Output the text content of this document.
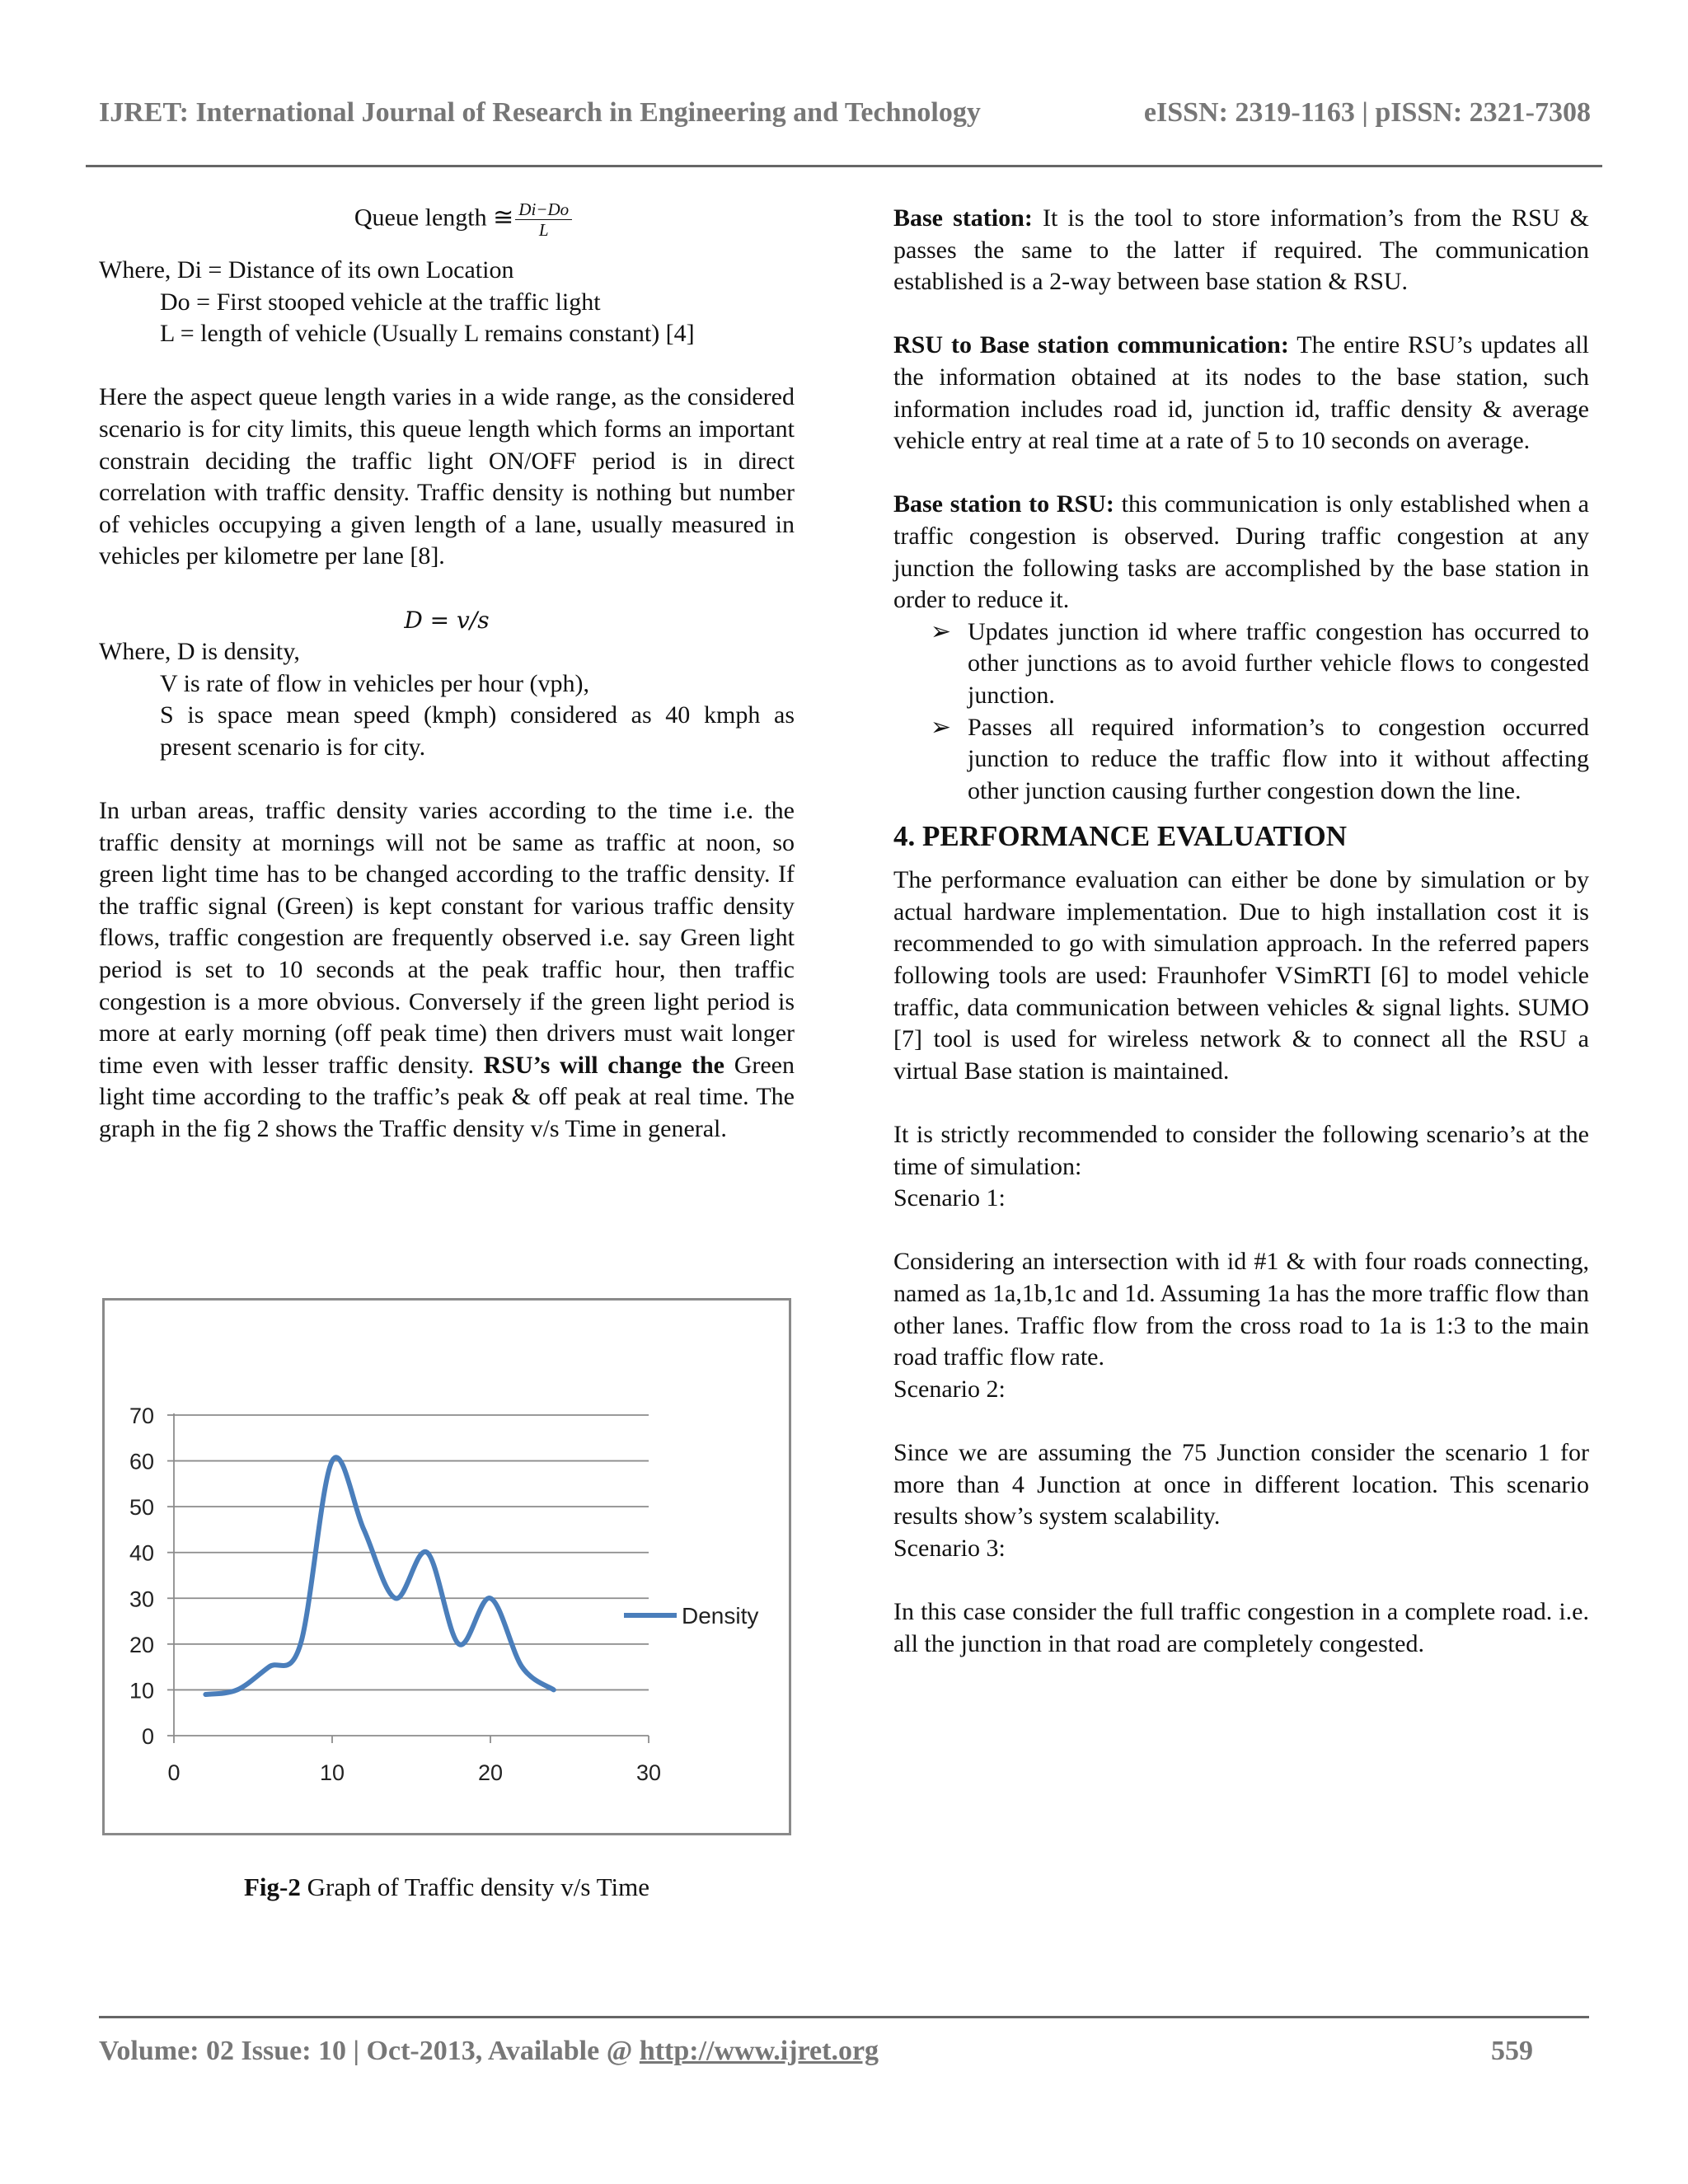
IJRET: International Journal of Research in Engineering and Technology	eISSN: 2319-1163 | pISSN: 2321-7308

Queue length ≅ $\frac{Di-Do}{L}$

Where, Di = Distance of its own Location

Do = First stooped vehicle at the traffic light

L = length of vehicle (Usually L remains constant) [4]

Here the aspect queue length varies in a wide range, as the considered scenario is for city limits, this queue length which forms an important constrain deciding the traffic light ON/OFF period is in direct correlation with traffic density. Traffic density is nothing but number of vehicles occupying a given length of a lane, usually measured in vehicles per kilometre per lane [8].

D = v/s

Where, D is density,

V is rate of flow in vehicles per hour (vph),

S is space mean speed (kmph) considered as 40 kmph as present scenario is for city.

In urban areas, traffic density varies according to the time i.e. the traffic density at mornings will not be same as traffic at noon, so green light time has to be changed according to the traffic density. If the traffic signal (Green) is kept constant for various traffic density flows, traffic congestion are frequently observed i.e. say Green light period is set to 10 seconds at the peak traffic hour, then traffic congestion is a more obvious. Conversely if the green light period is more at early morning (off peak time) then drivers must wait longer time even with lesser traffic density. RSU’s will change the Green light time according to the traffic’s peak & off peak at real time. The graph in the fig 2 shows the Traffic density v/s Time in general.

0
10
20
30
40
50
60
70
0	10	20	30
Density
Fig-2 Graph of Traffic density v/s Time

Base station: It is the tool to store information’s from the RSU & passes the same to the latter if required. The communication established is a 2-way between base station & RSU.

RSU to Base station communication: The entire RSU’s updates all the information obtained at its nodes to the base station, such information includes road id, junction id, traffic density & average vehicle entry at real time at a rate of 5 to 10 seconds on average.

Base station to RSU: this communication is only established when a traffic congestion is observed. During traffic congestion at any junction the following tasks are accomplished by the base station in order to reduce it.

➢ Updates junction id where traffic congestion has occurred to other junctions as to avoid further vehicle flows to congested junction.

➢ Passes all required information’s to congestion occurred junction to reduce the traffic flow into it without affecting other junction causing further congestion down the line.

4. PERFORMANCE EVALUATION

The performance evaluation can either be done by simulation or by actual hardware implementation. Due to high installation cost it is recommended to go with simulation approach. In the referred papers following tools are used: Fraunhofer VSimRTI [6] to model vehicle traffic, data communication between vehicles & signal lights. SUMO [7] tool is used for wireless network & to connect all the RSU a virtual Base station is maintained.

It is strictly recommended to consider the following scenario’s at the time of simulation:

Scenario 1:

Considering an intersection with id #1 & with four roads connecting, named as 1a,1b,1c and 1d. Assuming 1a has the more traffic flow than other lanes. Traffic flow from the cross road to 1a is 1:3 to the main road traffic flow rate.

Scenario 2:

Since we are assuming the 75 Junction consider the scenario 1 for more than 4 Junction at once in different location. This scenario results show’s system scalability.

Scenario 3:

In this case consider the full traffic congestion in a complete road. i.e. all the junction in that road are completely congested.

Volume: 02 Issue: 10 | Oct-2013, Available @ http://www.ijret.org	559
